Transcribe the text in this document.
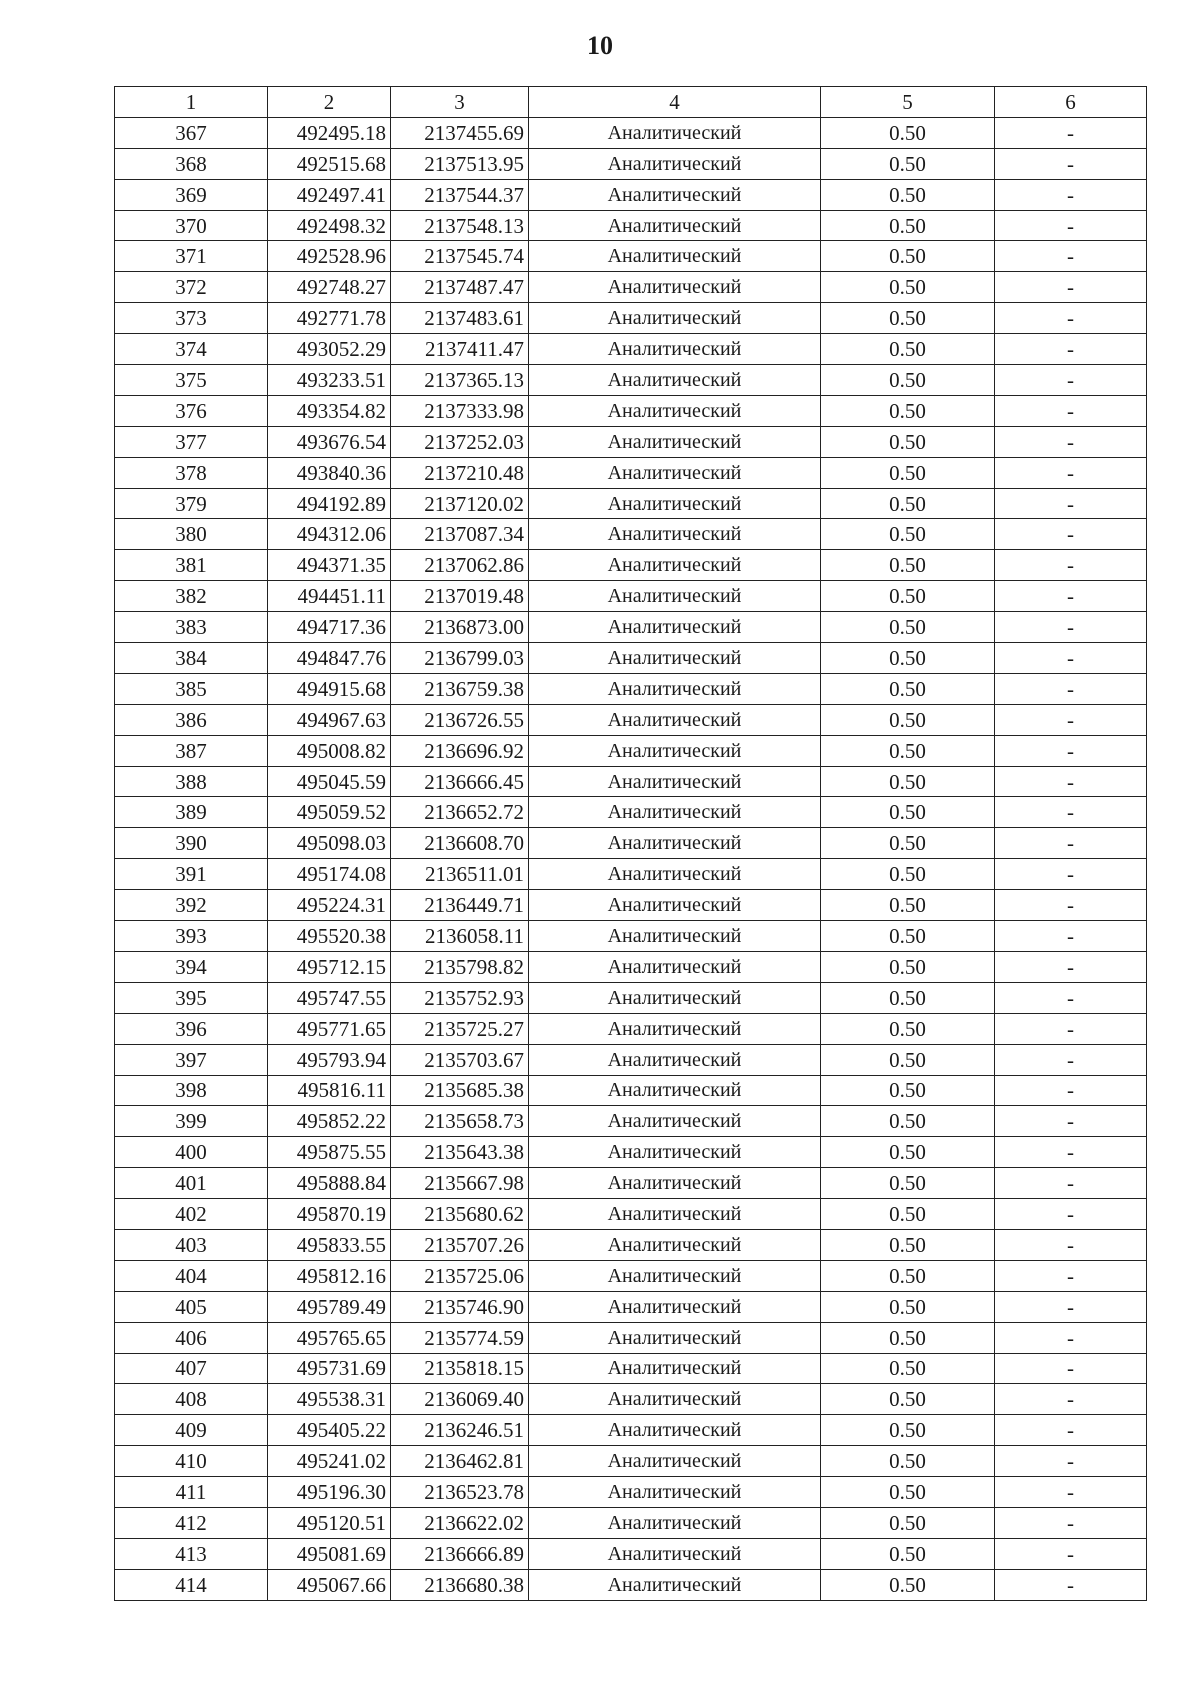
10
1	2	3	4	5	6
367	492495.18	2137455.69	Аналитический	0.50	-
368	492515.68	2137513.95	Аналитический	0.50	-
369	492497.41	2137544.37	Аналитический	0.50	-
370	492498.32	2137548.13	Аналитический	0.50	-
371	492528.96	2137545.74	Аналитический	0.50	-
372	492748.27	2137487.47	Аналитический	0.50	-
373	492771.78	2137483.61	Аналитический	0.50	-
374	493052.29	2137411.47	Аналитический	0.50	-
375	493233.51	2137365.13	Аналитический	0.50	-
376	493354.82	2137333.98	Аналитический	0.50	-
377	493676.54	2137252.03	Аналитический	0.50	-
378	493840.36	2137210.48	Аналитический	0.50	-
379	494192.89	2137120.02	Аналитический	0.50	-
380	494312.06	2137087.34	Аналитический	0.50	-
381	494371.35	2137062.86	Аналитический	0.50	-
382	494451.11	2137019.48	Аналитический	0.50	-
383	494717.36	2136873.00	Аналитический	0.50	-
384	494847.76	2136799.03	Аналитический	0.50	-
385	494915.68	2136759.38	Аналитический	0.50	-
386	494967.63	2136726.55	Аналитический	0.50	-
387	495008.82	2136696.92	Аналитический	0.50	-
388	495045.59	2136666.45	Аналитический	0.50	-
389	495059.52	2136652.72	Аналитический	0.50	-
390	495098.03	2136608.70	Аналитический	0.50	-
391	495174.08	2136511.01	Аналитический	0.50	-
392	495224.31	2136449.71	Аналитический	0.50	-
393	495520.38	2136058.11	Аналитический	0.50	-
394	495712.15	2135798.82	Аналитический	0.50	-
395	495747.55	2135752.93	Аналитический	0.50	-
396	495771.65	2135725.27	Аналитический	0.50	-
397	495793.94	2135703.67	Аналитический	0.50	-
398	495816.11	2135685.38	Аналитический	0.50	-
399	495852.22	2135658.73	Аналитический	0.50	-
400	495875.55	2135643.38	Аналитический	0.50	-
401	495888.84	2135667.98	Аналитический	0.50	-
402	495870.19	2135680.62	Аналитический	0.50	-
403	495833.55	2135707.26	Аналитический	0.50	-
404	495812.16	2135725.06	Аналитический	0.50	-
405	495789.49	2135746.90	Аналитический	0.50	-
406	495765.65	2135774.59	Аналитический	0.50	-
407	495731.69	2135818.15	Аналитический	0.50	-
408	495538.31	2136069.40	Аналитический	0.50	-
409	495405.22	2136246.51	Аналитический	0.50	-
410	495241.02	2136462.81	Аналитический	0.50	-
411	495196.30	2136523.78	Аналитический	0.50	-
412	495120.51	2136622.02	Аналитический	0.50	-
413	495081.69	2136666.89	Аналитический	0.50	-
414	495067.66	2136680.38	Аналитический	0.50	-
